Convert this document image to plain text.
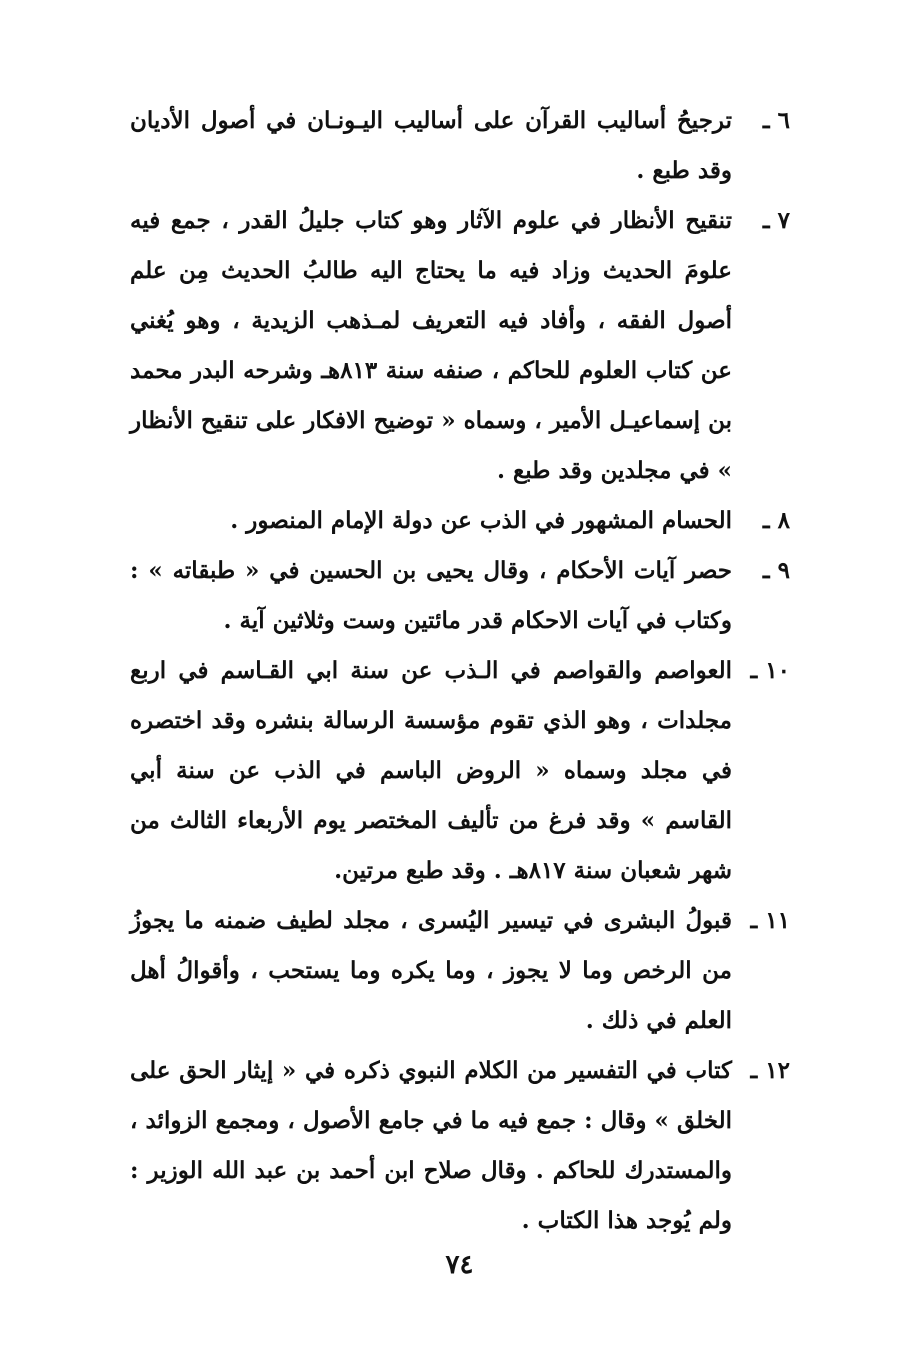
٦ ـ

ترجيحُ أساليب القرآن على أساليب اليـونـان في أصول الأديان وقد طبع .

٧ ـ

تنقيح الأنظار في علوم الآثار وهو كتاب جليلُ القدر ، جمع فيه علومَ الحديث وزاد فيه ما يحتاج اليه طالبُ الحديث مِن علم أصول الفقه ، وأفاد فيه التعريف لمـذهب الزيدية ، وهو يُغني عن كتاب العلوم للحاكم ، صنفه سنة ٨١٣هـ وشرحه البدر محمد بن إسماعيـل الأمير ، وسماه « توضيح الافكار على تنقيح الأنظار » في مجلدين وقد طبع .

٨ ـ

الحسام المشهور في الذب عن دولة الإمام المنصور .

٩ ـ

حصر آيات الأحكام ، وقال يحيى بن الحسين في « طبقاته » : وكتاب في آيات الاحكام قدر مائتين وست وثلاثين آية .

١٠ ـ

العواصم والقواصم في الـذب عن سنة ابي القـاسم في اربع مجلدات ، وهو الذي تقوم مؤسسة الرسالة بنشره وقد اختصره في مجلد وسماه « الروض الباسم في الذب عن سنة أبي القاسم » وقد فرغ من تأليف المختصر يوم الأربعاء الثالث من شهر شعبان سنة ٨١٧هـ . وقد طبع مرتين.

١١ ـ

قبولُ البشرى في تيسير اليُسرى ، مجلد لطيف ضمنه ما يجوزُ من الرخص وما لا يجوز ، وما يكره وما يستحب ، وأقوالُ أهل العلم في ذلك .

١٢ ـ

كتاب في التفسير من الكلام النبوي ذكره في « إيثار الحق على الخلق » وقال : جمع فيه ما في جامع الأصول ، ومجمع الزوائد ، والمستدرك للحاكم . وقال صلاح ابن أحمد بن عبد الله الوزير : ولم يُوجد هذا الكتاب .

٧٤
